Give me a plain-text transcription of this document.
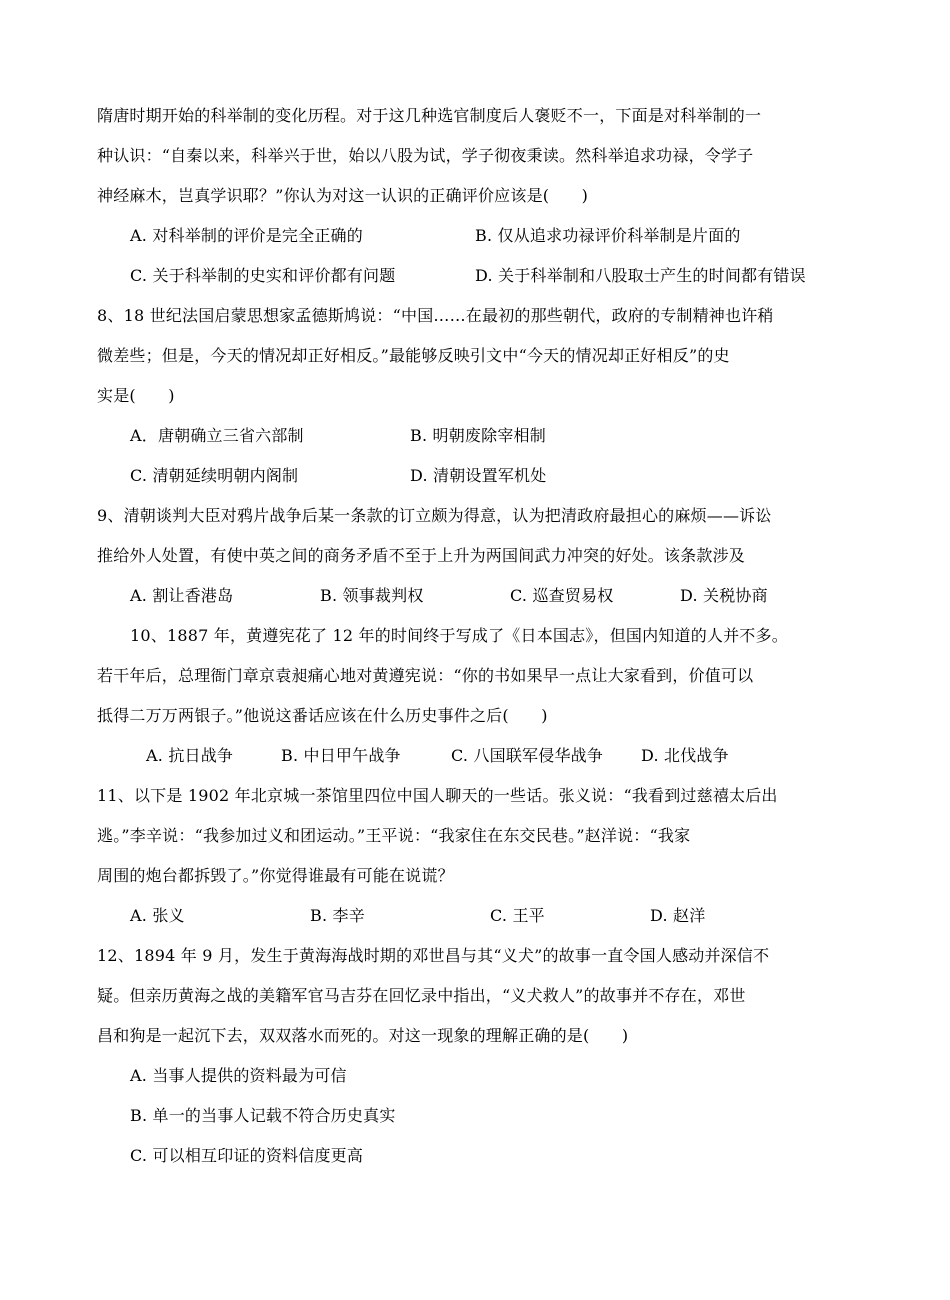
隋唐时期开始的科举制的变化历程。对于这几种选官制度后人褒贬不一，下面是对科举制的一
种认识：“自秦以来，科举兴于世，始以八股为试，学子彻夜秉读。然科举追求功禄，令学子
神经麻木，岂真学识耶？”你认为对这一认识的正确评价应该是(　　)
A. 对科举制的评价是完全正确的	B. 仅从追求功禄评价科举制是片面的
C. 关于科举制的史实和评价都有问题	D. 关于科举制和八股取士产生的时间都有错误
8、18 世纪法国启蒙思想家孟德斯鸠说：“中国……在最初的那些朝代，政府的专制精神也许稍
微差些；但是，今天的情况却正好相反。”最能够反映引文中“今天的情况却正好相反”的史
实是(　　)
A．唐朝确立三省六部制	B. 明朝废除宰相制
C. 清朝延续明朝内阁制	D. 清朝设置军机处
9、清朝谈判大臣对鸦片战争后某一条款的订立颇为得意，认为把清政府最担心的麻烦——诉讼
推给外人处置，有使中英之间的商务矛盾不至于上升为两国间武力冲突的好处。该条款涉及
A. 割让香港岛	B. 领事裁判权	C. 巡查贸易权	D. 关税协商
10、1887 年，黄遵宪花了 12 年的时间终于写成了《日本国志》，但国内知道的人并不多。
若干年后，总理衙门章京袁昶痛心地对黄遵宪说：“你的书如果早一点让大家看到，价值可以
抵得二万万两银子。”他说这番话应该在什么历史事件之后(　　)
A. 抗日战争	B. 中日甲午战争	C. 八国联军侵华战争	D. 北伐战争
11、以下是 1902 年北京城一茶馆里四位中国人聊天的一些话。张义说：“我看到过慈禧太后出
逃。”李辛说：“我参加过义和团运动。”王平说：“我家住在东交民巷。”赵洋说：“我家
周围的炮台都拆毁了。”你觉得谁最有可能在说谎？
A. 张义	B. 李辛	C. 王平	D. 赵洋
12、1894 年 9 月，发生于黄海海战时期的邓世昌与其“义犬”的故事一直令国人感动并深信不
疑。但亲历黄海之战的美籍军官马吉芬在回忆录中指出，“义犬救人”的故事并不存在，邓世
昌和狗是一起沉下去，双双落水而死的。对这一现象的理解正确的是(　　)
A. 当事人提供的资料最为可信
B. 单一的当事人记载不符合历史真实
C. 可以相互印证的资料信度更高
